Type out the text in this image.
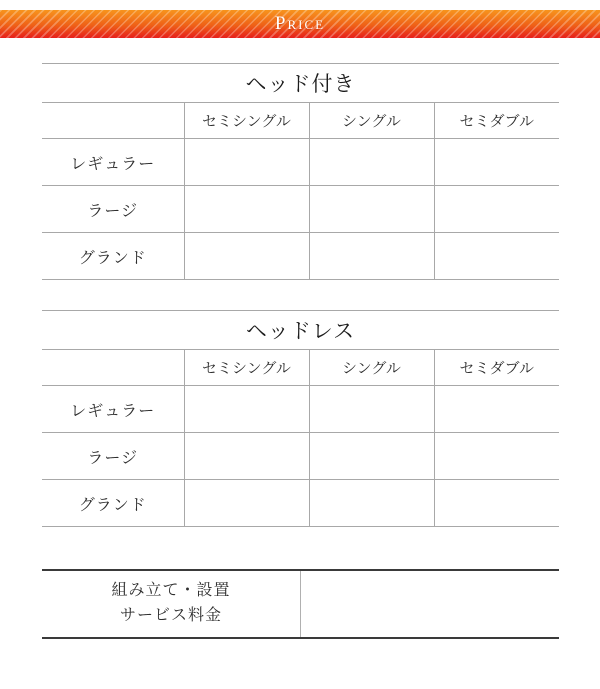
Price
ヘッド付き			
	セミシングル	シングル	セミダブル
レギュラー			
ラージ			
グランド			
ヘッドレス			
	セミシングル	シングル	セミダブル
レギュラー			
ラージ			
グランド			
組み立て・設置
サービス料金
